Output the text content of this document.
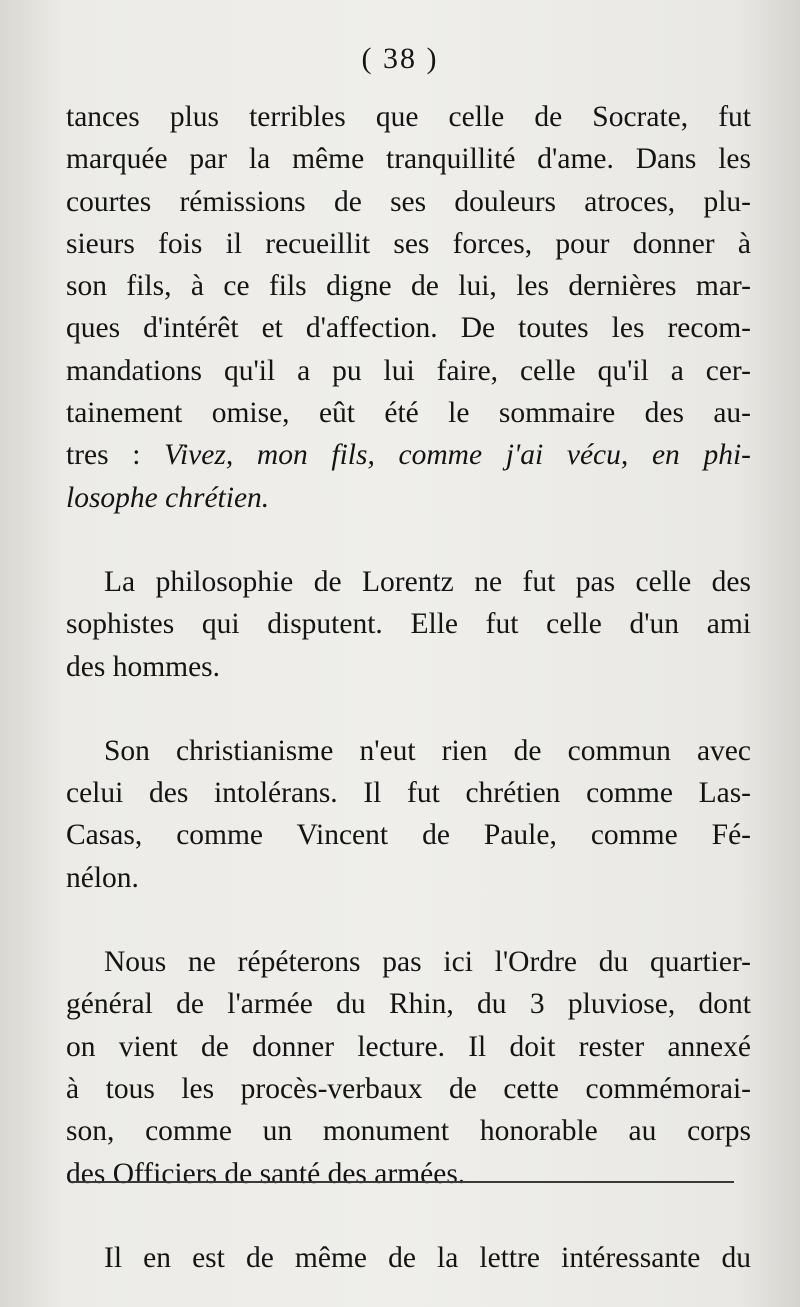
( 38 )

tances plus terribles que celle de Socrate, fut
marquée par la même tranquillité d'ame. Dans les
courtes rémissions de ses douleurs atroces, plu-
sieurs fois il recueillit ses forces, pour donner à
son fils, à ce fils digne de lui, les dernières mar-
ques d'intérêt et d'affection. De toutes les recom-
mandations qu'il a pu lui faire, celle qu'il a cer-
tainement omise, eût été le sommaire des au-
tres : Vivez, mon fils, comme j'ai vécu, en phi-
losophe chrétien.

La philosophie de Lorentz ne fut pas celle des
sophistes qui disputent. Elle fut celle d'un ami
des hommes.

Son christianisme n'eut rien de commun avec
celui des intolérans. Il fut chrétien comme Las-
Casas, comme Vincent de Paule, comme Fé-
nélon.

Nous ne répéterons pas ici l'Ordre du quartier-
général de l'armée du Rhin, du 3 pluviose, dont
on vient de donner lecture. Il doit rester annexé
à tous les procès-verbaux de cette commémorai-
son, comme un monument honorable au corps
des Officiers de santé des armées.

Il en est de même de la lettre intéressante du
